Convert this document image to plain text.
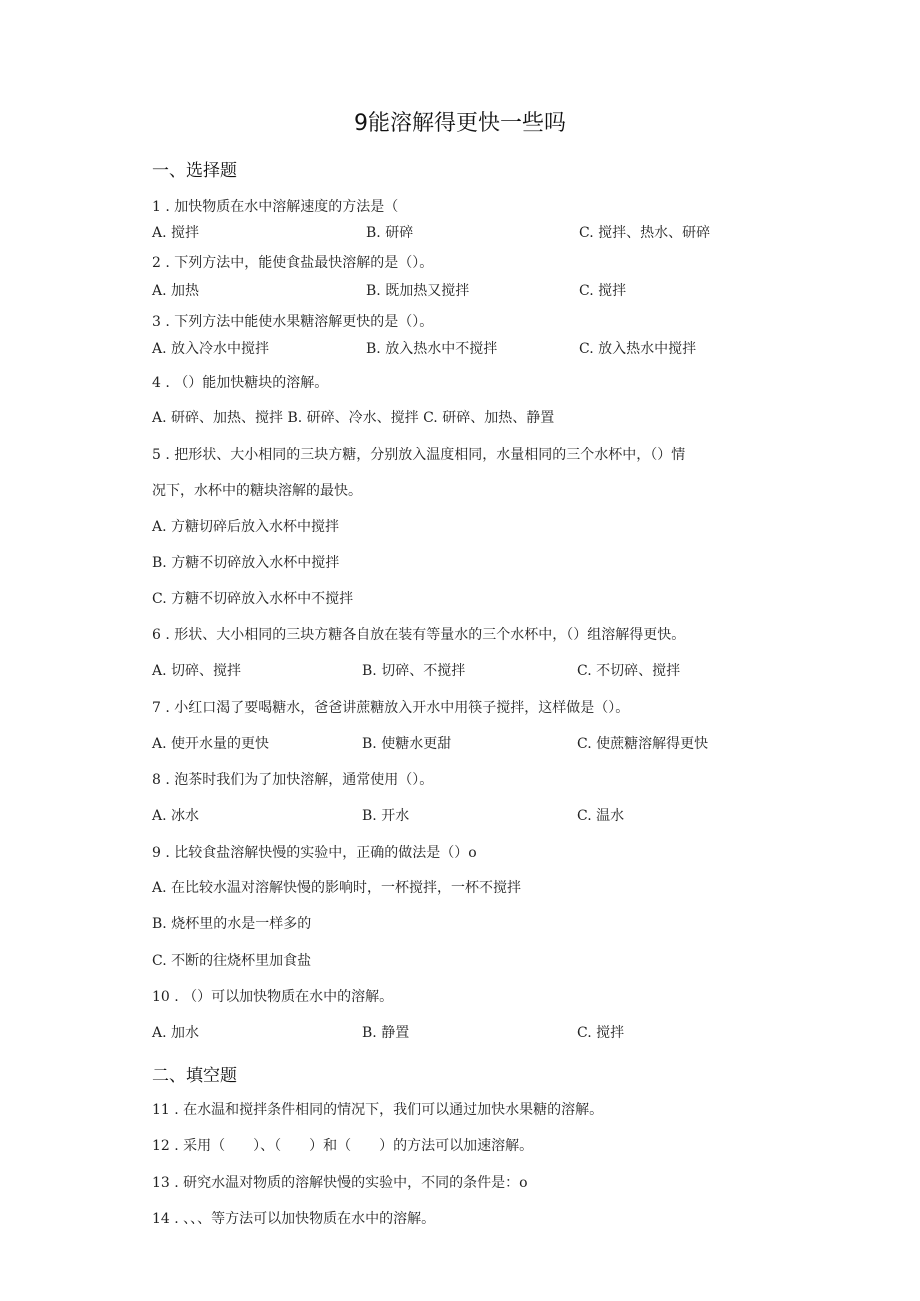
9能溶解得更快一些吗
一、选择题
1 . 加快物质在水中溶解速度的方法是（
A. 搅拌	B. 研碎	C. 搅拌、热水、研碎
2 . 下列方法中，能使食盐最快溶解的是（）。
A. 加热	B. 既加热又搅拌	C. 搅拌
3 . 下列方法中能使水果糖溶解更快的是（）。
A. 放入冷水中搅拌	B. 放入热水中不搅拌	C. 放入热水中搅拌
4 . （）能加快糖块的溶解。
A. 研碎、加热、搅拌 B. 研碎、冷水、搅拌 C. 研碎、加热、静置
5 . 把形状、大小相同的三块方糖，分别放入温度相同，水量相同的三个水杯中，（）情
况下，水杯中的糖块溶解的最快。
A. 方糖切碎后放入水杯中搅拌
B. 方糖不切碎放入水杯中搅拌
C. 方糖不切碎放入水杯中不搅拌
6 . 形状、大小相同的三块方糖各自放在装有等量水的三个水杯中，（）组溶解得更快。
A. 切碎、搅拌	B. 切碎、不搅拌	C. 不切碎、搅拌
7 . 小红口渴了要喝糖水，爸爸讲蔗糖放入开水中用筷子搅拌，这样做是（）。
A. 使开水量的更快	B. 使糖水更甜	C. 使蔗糖溶解得更快
8 . 泡茶时我们为了加快溶解，通常使用（）。
A. 冰水	B. 开水	C. 温水
9 . 比较食盐溶解快慢的实验中，正确的做法是（）o
A. 在比较水温对溶解快慢的影响时，一杯搅拌，一杯不搅拌
B. 烧杯里的水是一样多的
C. 不断的往烧杯里加食盐
10 . （）可以加快物质在水中的溶解。
A. 加水	B. 静置	C. 搅拌
二、填空题
11 . 在水温和搅拌条件相同的情况下，我们可以通过加快水果糖的溶解。
12 . 采用（　　）、（　　）和（　　）的方法可以加速溶解。
13 . 研究水温对物质的溶解快慢的实验中，不同的条件是：o
14 . 、、、等方法可以加快物质在水中的溶解。
